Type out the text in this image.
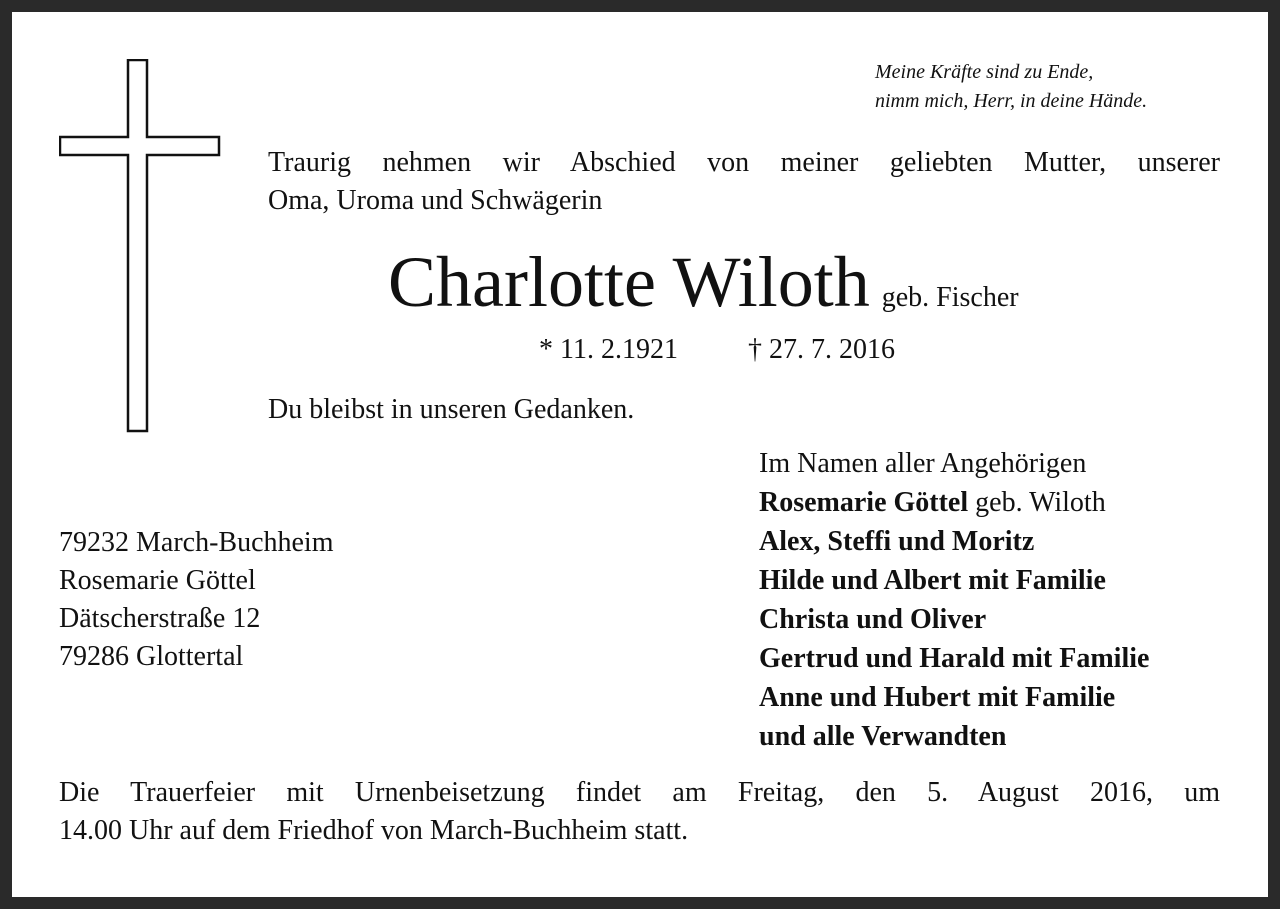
Meine Kräfte sind zu Ende,
nimm mich, Herr, in deine Hände.
Traurig nehmen wir Abschied von meiner geliebten Mutter, unserer
Oma, Uroma und Schwägerin
Charlotte Wiloth geb. Fischer
* 11. 2.1921	† 27. 7. 2016
Du bleibst in unseren Gedanken.
Im Namen aller Angehörigen
Rosemarie Göttel geb. Wiloth
Alex, Steffi und Moritz
Hilde und Albert mit Familie
Christa und Oliver
Gertrud und Harald mit Familie
Anne und Hubert mit Familie
und alle Verwandten
79232 March-Buchheim
Rosemarie Göttel
Dätscherstraße 12
79286 Glottertal
Die Trauerfeier mit Urnenbeisetzung findet am Freitag, den 5. August 2016, um
14.00 Uhr auf dem Friedhof von March-Buchheim statt.
